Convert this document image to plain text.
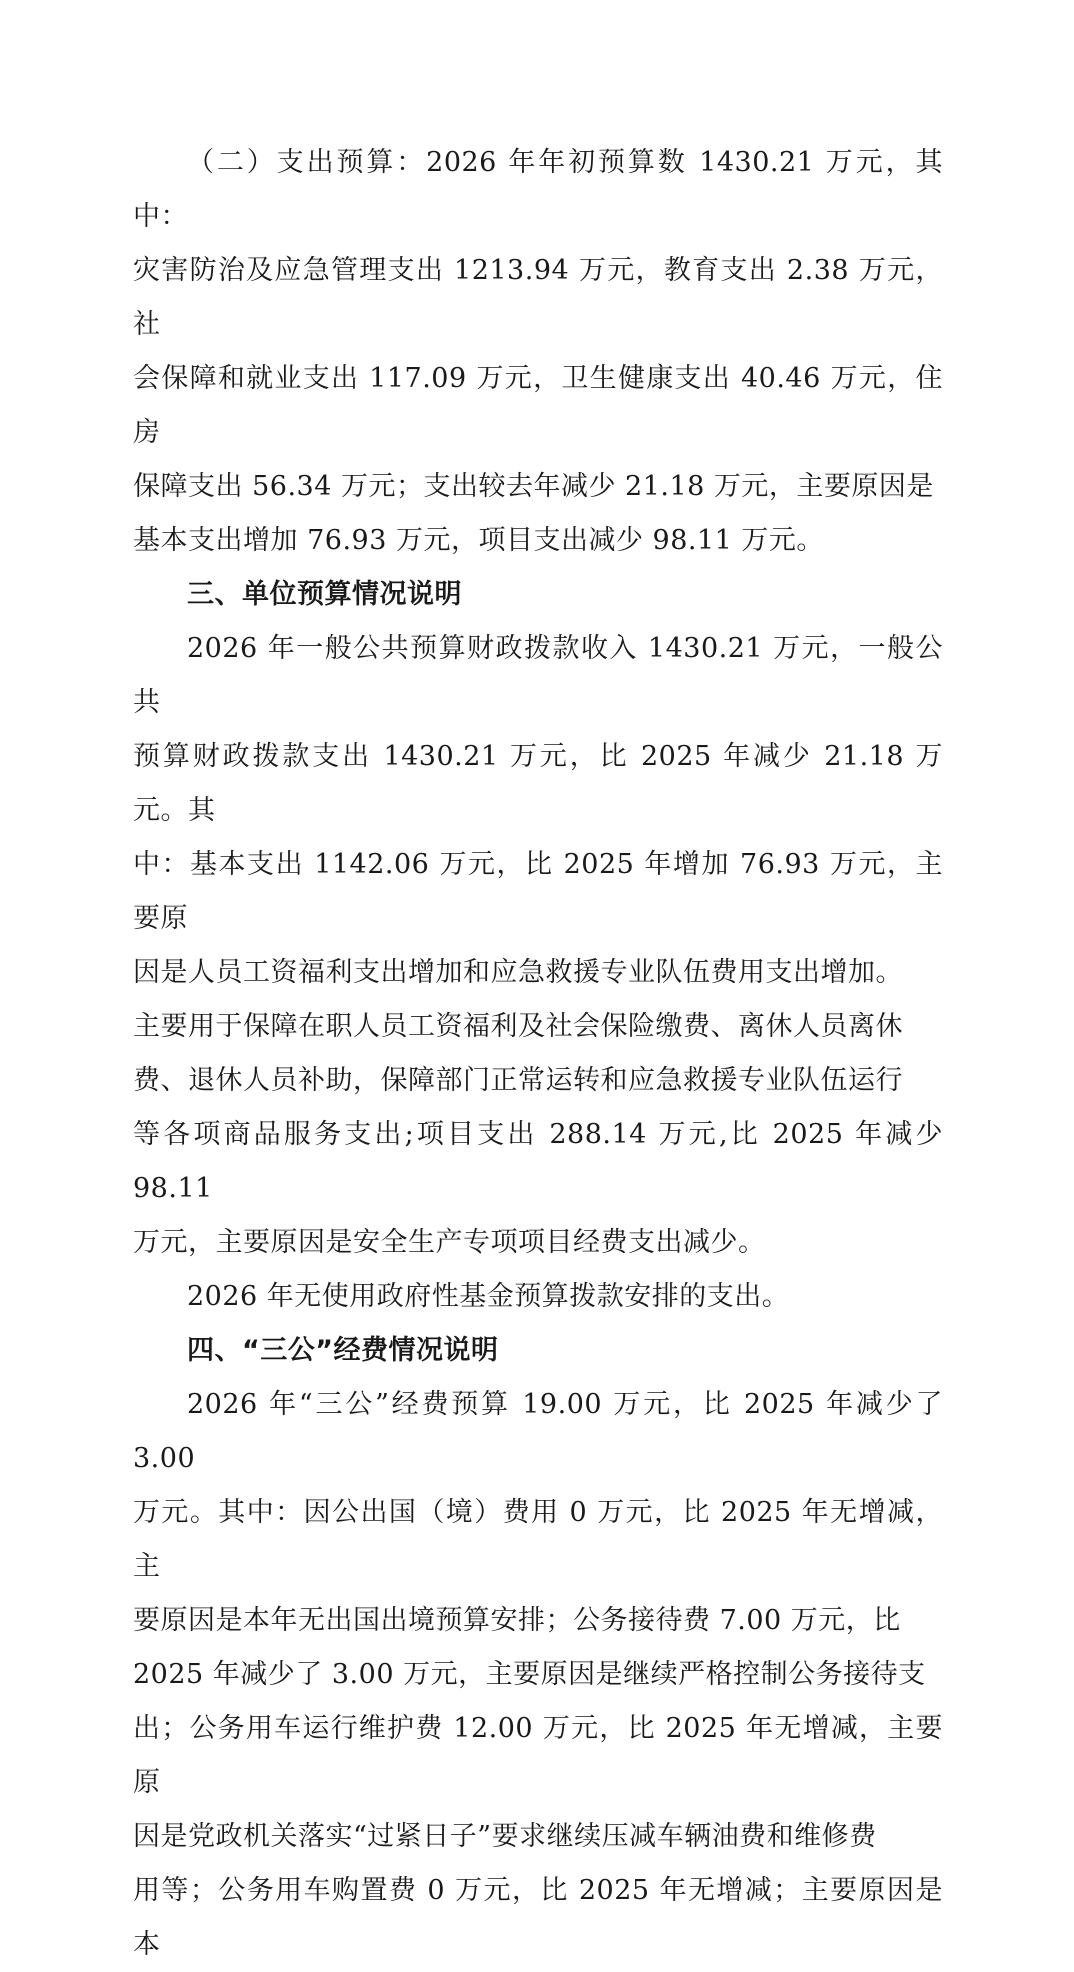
（二）支出预算：2026 年年初预算数 1430.21 万元，其中：
灾害防治及应急管理支出 1213.94 万元，教育支出 2.38 万元，社
会保障和就业支出 117.09 万元，卫生健康支出 40.46 万元，住房
保障支出 56.34 万元；支出较去年减少 21.18 万元，主要原因是
基本支出增加 76.93 万元，项目支出减少 98.11 万元。

三、单位预算情况说明

2026 年一般公共预算财政拨款收入 1430.21 万元，一般公共
预算财政拨款支出 1430.21 万元，比 2025 年减少 21.18 万元。其
中：基本支出 1142.06 万元，比 2025 年增加 76.93 万元，主要原
因是人员工资福利支出增加和应急救援专业队伍费用支出增加。
主要用于保障在职人员工资福利及社会保险缴费、离休人员离休
费、退休人员补助，保障部门正常运转和应急救援专业队伍运行
等各项商品服务支出;项目支出 288.14 万元,比 2025 年减少 98.11
万元，主要原因是安全生产专项项目经费支出减少。

2026 年无使用政府性基金预算拨款安排的支出。

四、“三公”经费情况说明

2026 年“三公”经费预算 19.00 万元，比 2025 年减少了 3.00
万元。其中：因公出国（境）费用 0 万元，比 2025 年无增减，主
要原因是本年无出国出境预算安排；公务接待费 7.00 万元，比
2025 年减少了 3.00 万元，主要原因是继续严格控制公务接待支
出；公务用车运行维护费 12.00 万元，比 2025 年无增减，主要原
因是党政机关落实“过紧日子”要求继续压减车辆油费和维修费
用等；公务用车购置费 0 万元，比 2025 年无增减；主要原因是本
